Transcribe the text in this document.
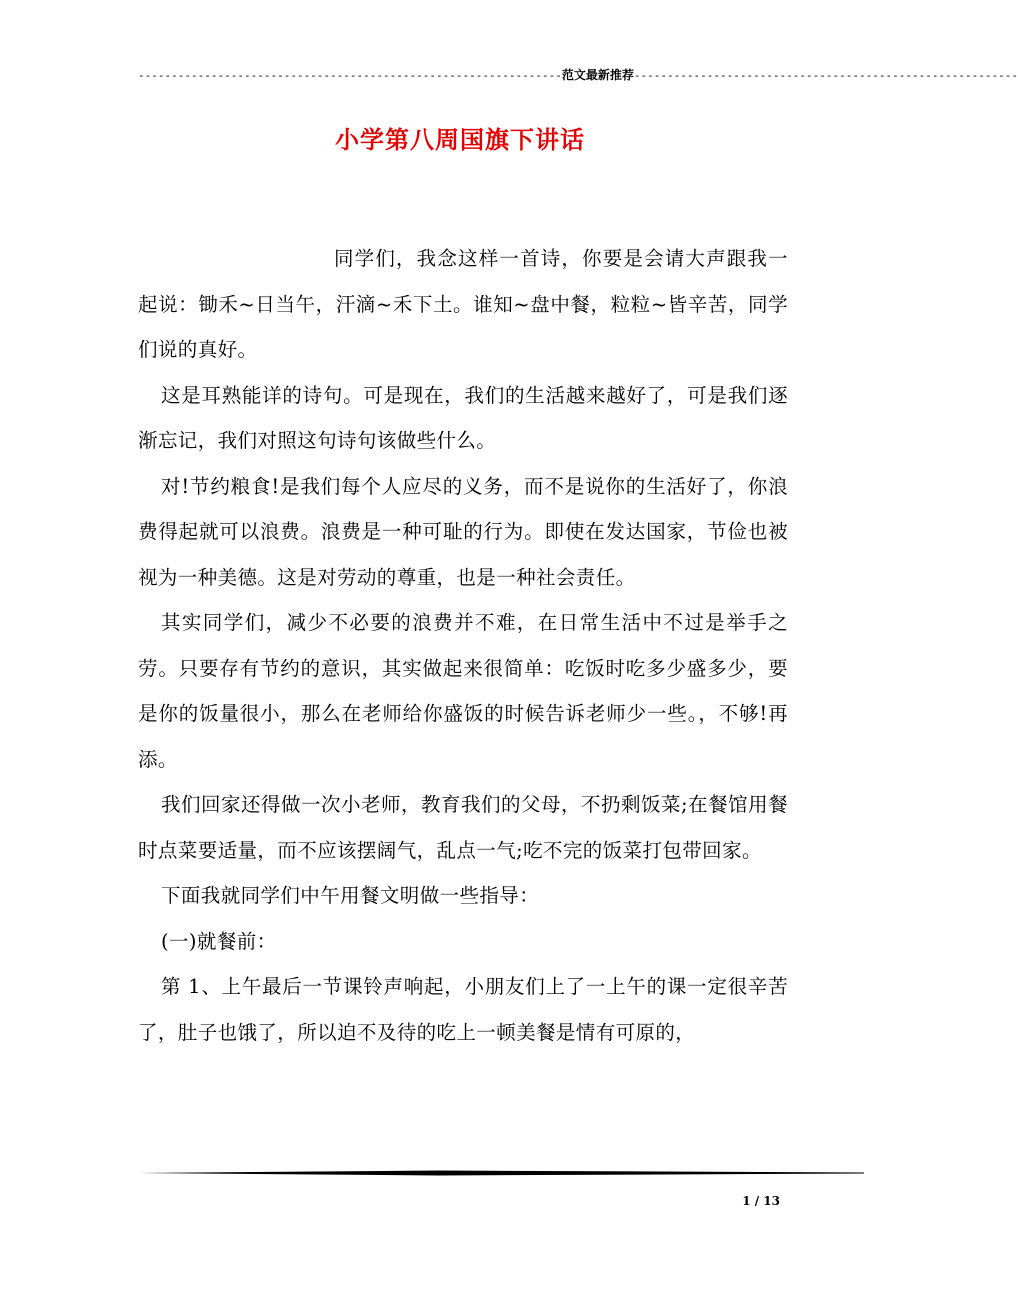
----------------------------------------------------------------范文最新推荐----------------------------------------------------------
小学第八周国旗下讲话

同学们，我念这样一首诗，你要是会请大声跟我一起说：锄禾~日当午，汗滴~禾下土。谁知~盘中餐，粒粒~皆辛苦，同学们说的真好。

这是耳熟能详的诗句。可是现在，我们的生活越来越好了，可是我们逐渐忘记，我们对照这句诗句该做些什么。

对!节约粮食!是我们每个人应尽的义务，而不是说你的生活好了，你浪费得起就可以浪费。浪费是一种可耻的行为。即使在发达国家，节俭也被视为一种美德。这是对劳动的尊重，也是一种社会责任。

其实同学们，减少不必要的浪费并不难，在日常生活中不过是举手之劳。只要存有节约的意识，其实做起来很简单：吃饭时吃多少盛多少，要是你的饭量很小，那么在老师给你盛饭的时候告诉老师少一些。，不够!再添。

我们回家还得做一次小老师，教育我们的父母，不扔剩饭菜;在餐馆用餐时点菜要适量，而不应该摆阔气，乱点一气;吃不完的饭菜打包带回家。

下面我就同学们中午用餐文明做一些指导：

(一)就餐前：

第 1、上午最后一节课铃声响起，小朋友们上了一上午的课一定很辛苦了，肚子也饿了，所以迫不及待的吃上一顿美餐是情有可原的，

1 / 13
